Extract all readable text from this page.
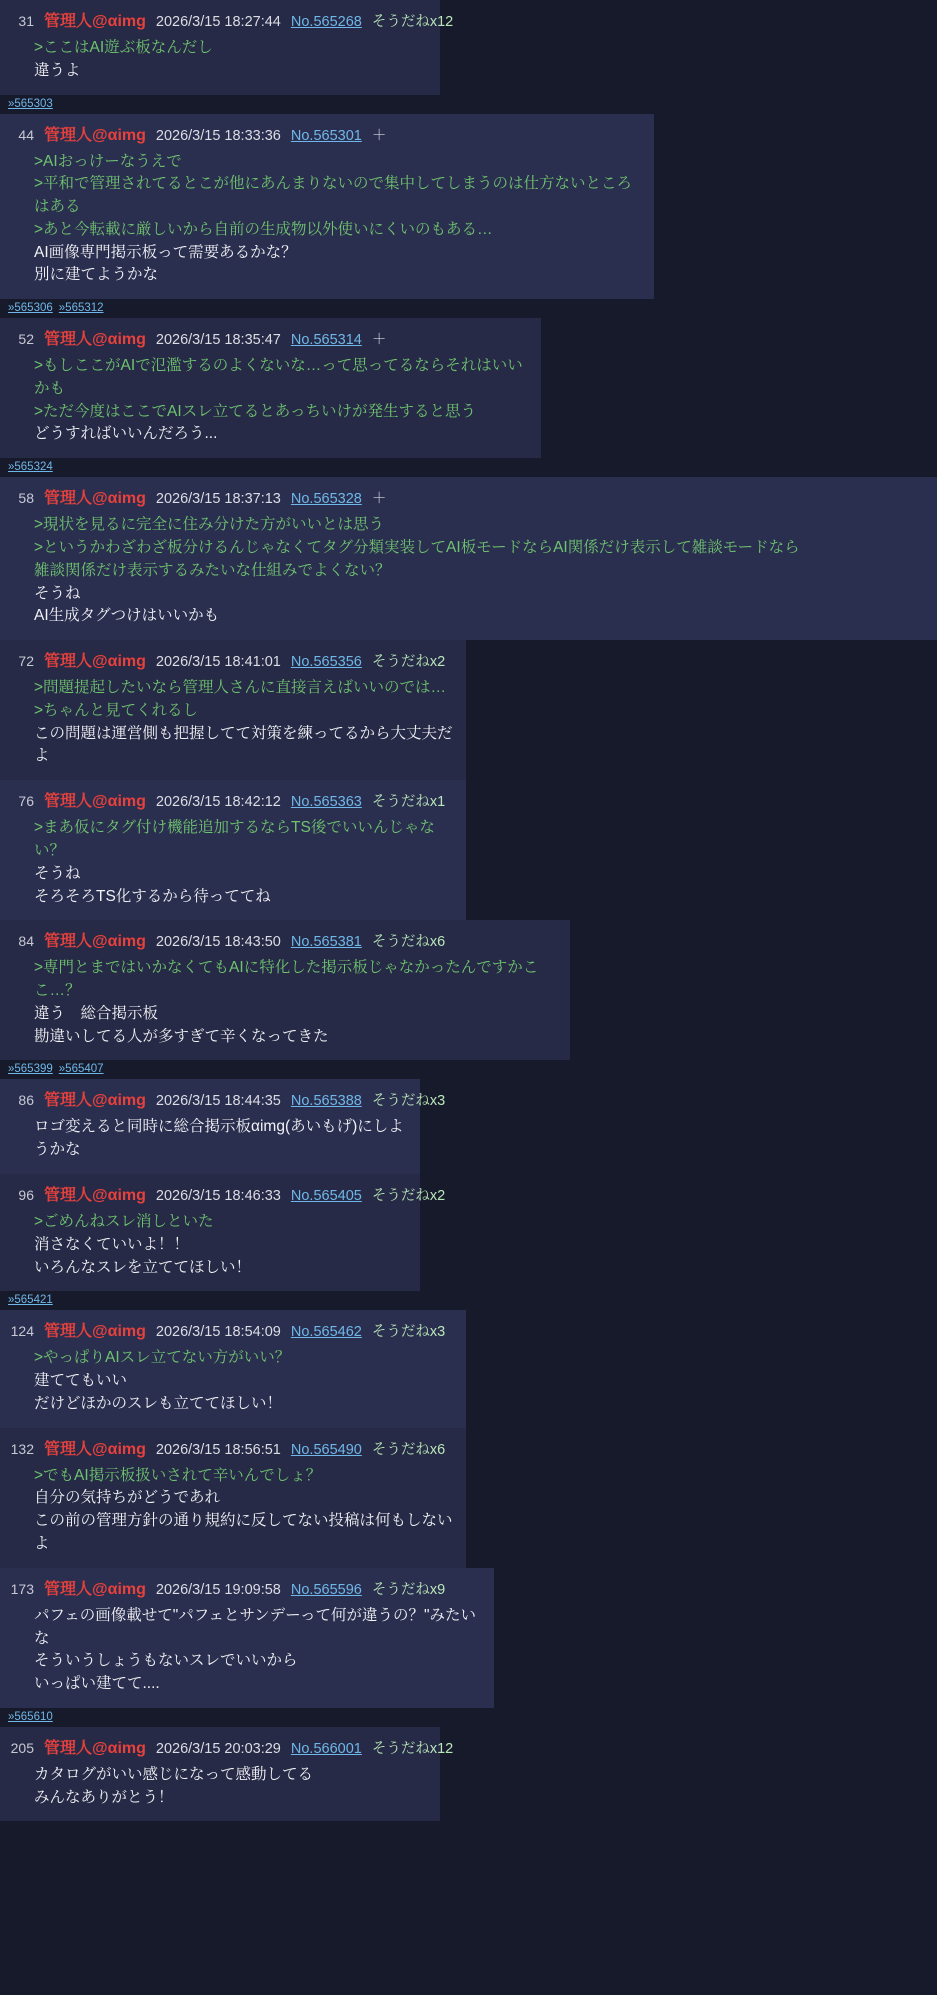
31 管理人@αimg 2026/3/15 18:27:44 No.565268 そうだねx12
>ここはAI遊ぶ板なんだし
違うよ
»565303
44 管理人@αimg 2026/3/15 18:33:36 No.565301 ＋
>AIおっけーなうえで
>平和で管理されてるとこが他にあんまりないので集中してしまうのは仕方ないところはある
>あと今転載に厳しいから自前の生成物以外使いにくいのもある…
AI画像専門掲示板って需要あるかな？
別に建てようかな
»565306 »565312
52 管理人@αimg 2026/3/15 18:35:47 No.565314 ＋
>もしここがAIで氾濫するのよくないな…って思ってるならそれはいいかも
>ただ今度はここでAIスレ立てるとあっちいけが発生すると思う
どうすればいいんだろう...
»565324
58 管理人@αimg 2026/3/15 18:37:13 No.565328 ＋
>現状を見るに完全に住み分けた方がいいとは思う
>というかわざわざ板分けるんじゃなくてタグ分類実装してAI板モードならAI関係だけ表示して雑談モードなら
雑談関係だけ表示するみたいな仕組みでよくない？
そうね
AI生成タグつけはいいかも
72 管理人@αimg 2026/3/15 18:41:01 No.565356 そうだねx2
>問題提起したいなら管理人さんに直接言えばいいのでは…
>ちゃんと見てくれるし
この問題は運営側も把握してて対策を練ってるから大丈夫だよ
76 管理人@αimg 2026/3/15 18:42:12 No.565363 そうだねx1
>まあ仮にタグ付け機能追加するならTS後でいいんじゃない？
そうね
そろそろTS化するから待っててね
84 管理人@αimg 2026/3/15 18:43:50 No.565381 そうだねx6
>専門とまではいかなくてもAIに特化した掲示板じゃなかったんですかここ…？
違う　総合掲示板
勘違いしてる人が多すぎて辛くなってきた
»565399 »565407
86 管理人@αimg 2026/3/15 18:44:35 No.565388 そうだねx3
ロゴ変えると同時に総合掲示板αimg(あいもげ)にしようかな
96 管理人@αimg 2026/3/15 18:46:33 No.565405 そうだねx2
>ごめんねスレ消しといた
消さなくていいよ！！
いろんなスレを立ててほしい！
»565421
124 管理人@αimg 2026/3/15 18:54:09 No.565462 そうだねx3
>やっぱりAIスレ立てない方がいい？
建ててもいい
だけどほかのスレも立ててほしい！
132 管理人@αimg 2026/3/15 18:56:51 No.565490 そうだねx6
>でもAI掲示板扱いされて辛いんでしょ？
自分の気持ちがどうであれ
この前の管理方針の通り規約に反してない投稿は何もしないよ
173 管理人@αimg 2026/3/15 19:09:58 No.565596 そうだねx9
パフェの画像載せて"パフェとサンデーって何が違うの？"みたいな
そういうしょうもないスレでいいから
いっぱい建てて....
»565610
205 管理人@αimg 2026/3/15 20:03:29 No.566001 そうだねx12
カタログがいい感じになって感動してる
みんなありがとう！
